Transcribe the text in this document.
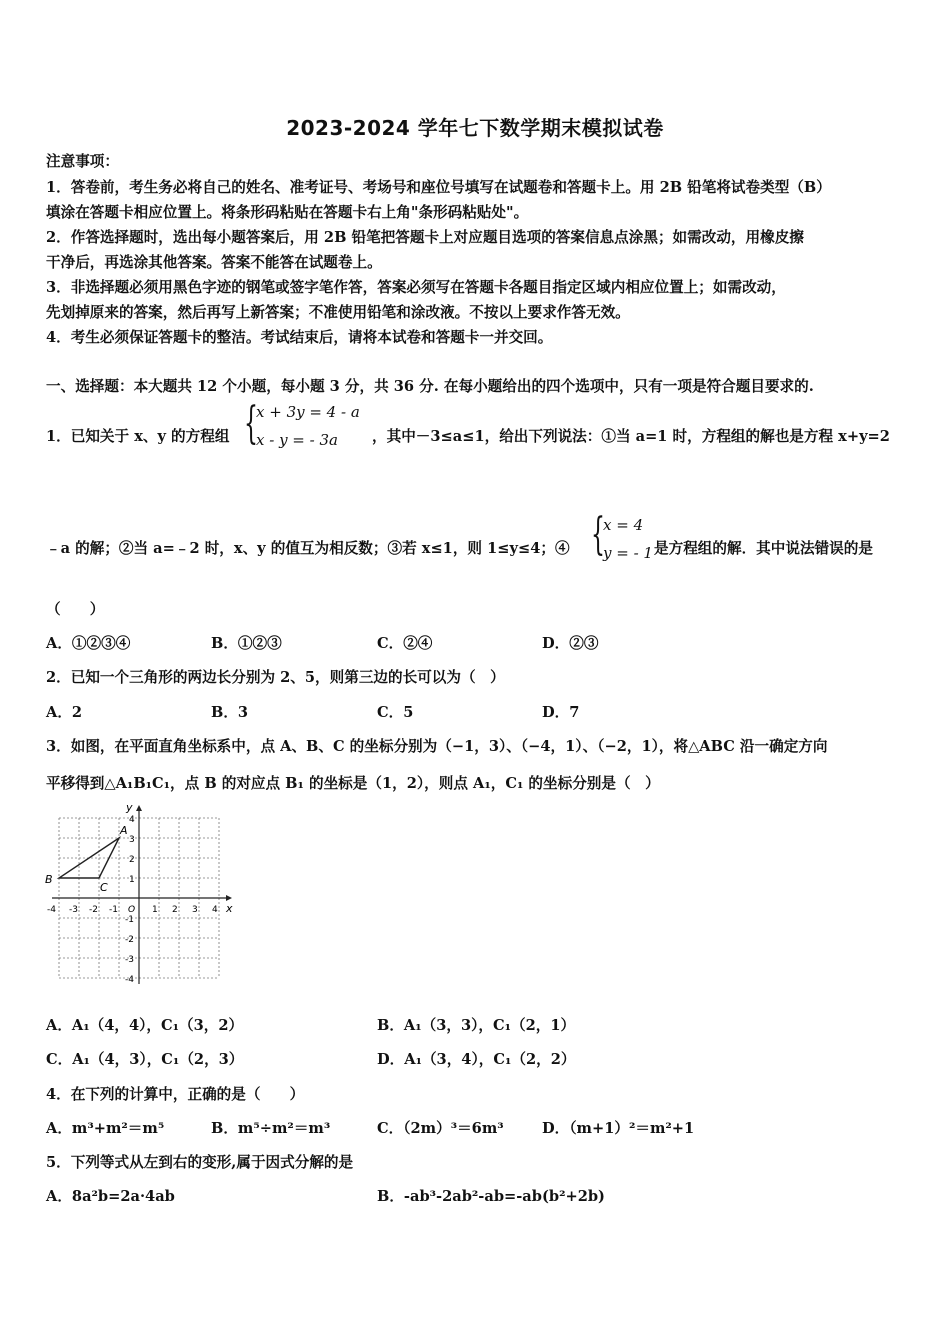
2023-2024 学年七下数学期末模拟试卷
注意事项：
1．答卷前，考生务必将自己的姓名、准考证号、考场号和座位号填写在试题卷和答题卡上。用 2B 铅笔将试卷类型（B）
填涂在答题卡相应位置上。将条形码粘贴在答题卡右上角"条形码粘贴处"。
2．作答选择题时，选出每小题答案后，用 2B 铅笔把答题卡上对应题目选项的答案信息点涂黑；如需改动，用橡皮擦
干净后，再选涂其他答案。答案不能答在试题卷上。
3．非选择题必须用黑色字迹的钢笔或签字笔作答，答案必须写在答题卡各题目指定区域内相应位置上；如需改动，
先划掉原来的答案，然后再写上新答案；不准使用铅笔和涂改液。不按以上要求作答无效。
4．考生必须保证答题卡的整洁。考试结束后，请将本试卷和答题卡一并交回。
一、选择题：本大题共 12 个小题，每小题 3 分，共 36 分. 在每小题给出的四个选项中，只有一项是符合题目要求的.
1．已知关于 x、y 的方程组 {
x + 3y = 4 - a
x - y = - 3a ，其中－3≤a≤1，给出下列说法：①当 a=1 时，方程组的解也是方程 x+y=2
﹣a 的解；②当 a=﹣2 时，x、y 的值互为相反数；③若 x≤1，则 1≤y≤4；④ {
x = 4
y = - 1 是方程组的解．其中说法错误的是
（　　）
A．①②③④	B．①②③	C．②④	D．②③
2．已知一个三角形的两边长分别为 2、5，则第三边的长可以为（　）
A．2	B．3	C．5	D．7
3．如图，在平面直角坐标系中，点 A、B、C 的坐标分别为（−1，3）、（−4，1）、（−2，1），将△ABC 沿一确定方向
平移得到△A₁B₁C₁，点 B 的对应点 B₁ 的坐标是（1，2），则点 A₁，C₁ 的坐标分别是（　）
A
B
C
x
y
-4 -3 -2 -1 O 1 2 3 4
4
3
2
1
-1
-2
-3
-4
A．A₁（4，4），C₁（3，2）	B．A₁（3，3），C₁（2，1）
C．A₁（4，3），C₁（2，3）	D．A₁（3，4），C₁（2，2）
4．在下列的计算中，正确的是（　　）
A．m³+m²＝m⁵	B．m⁵÷m²＝m³	C．（2m）³＝6m³	D．（m+1）²＝m²+1
5．下列等式从左到右的变形,属于因式分解的是
A．8a²b=2a·4ab	B．-ab³-2ab²-ab=-ab(b²+2b)
